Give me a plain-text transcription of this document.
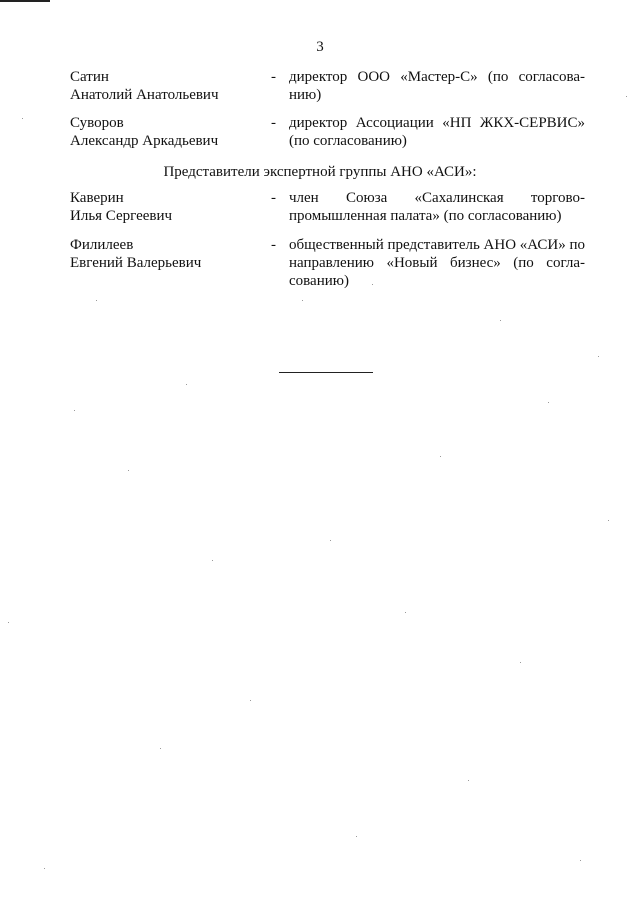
3
Сатин
Анатолий Анатольевич
- директор ООО «Мастер-С» (по согласова-нию)
Суворов
Александр Аркадьевич
- директор Ассоциации «НП ЖКХ-СЕРВИС» (по согласованию)
Представители экспертной группы АНО «АСИ»:
Каверин
Илья Сергеевич
- член Союза «Сахалинская торгово-промышленная палата» (по согласованию)
Филилеев
Евгений Валерьевич
- общественный представитель АНО «АСИ» по направлению «Новый бизнес» (по согла-сованию)
